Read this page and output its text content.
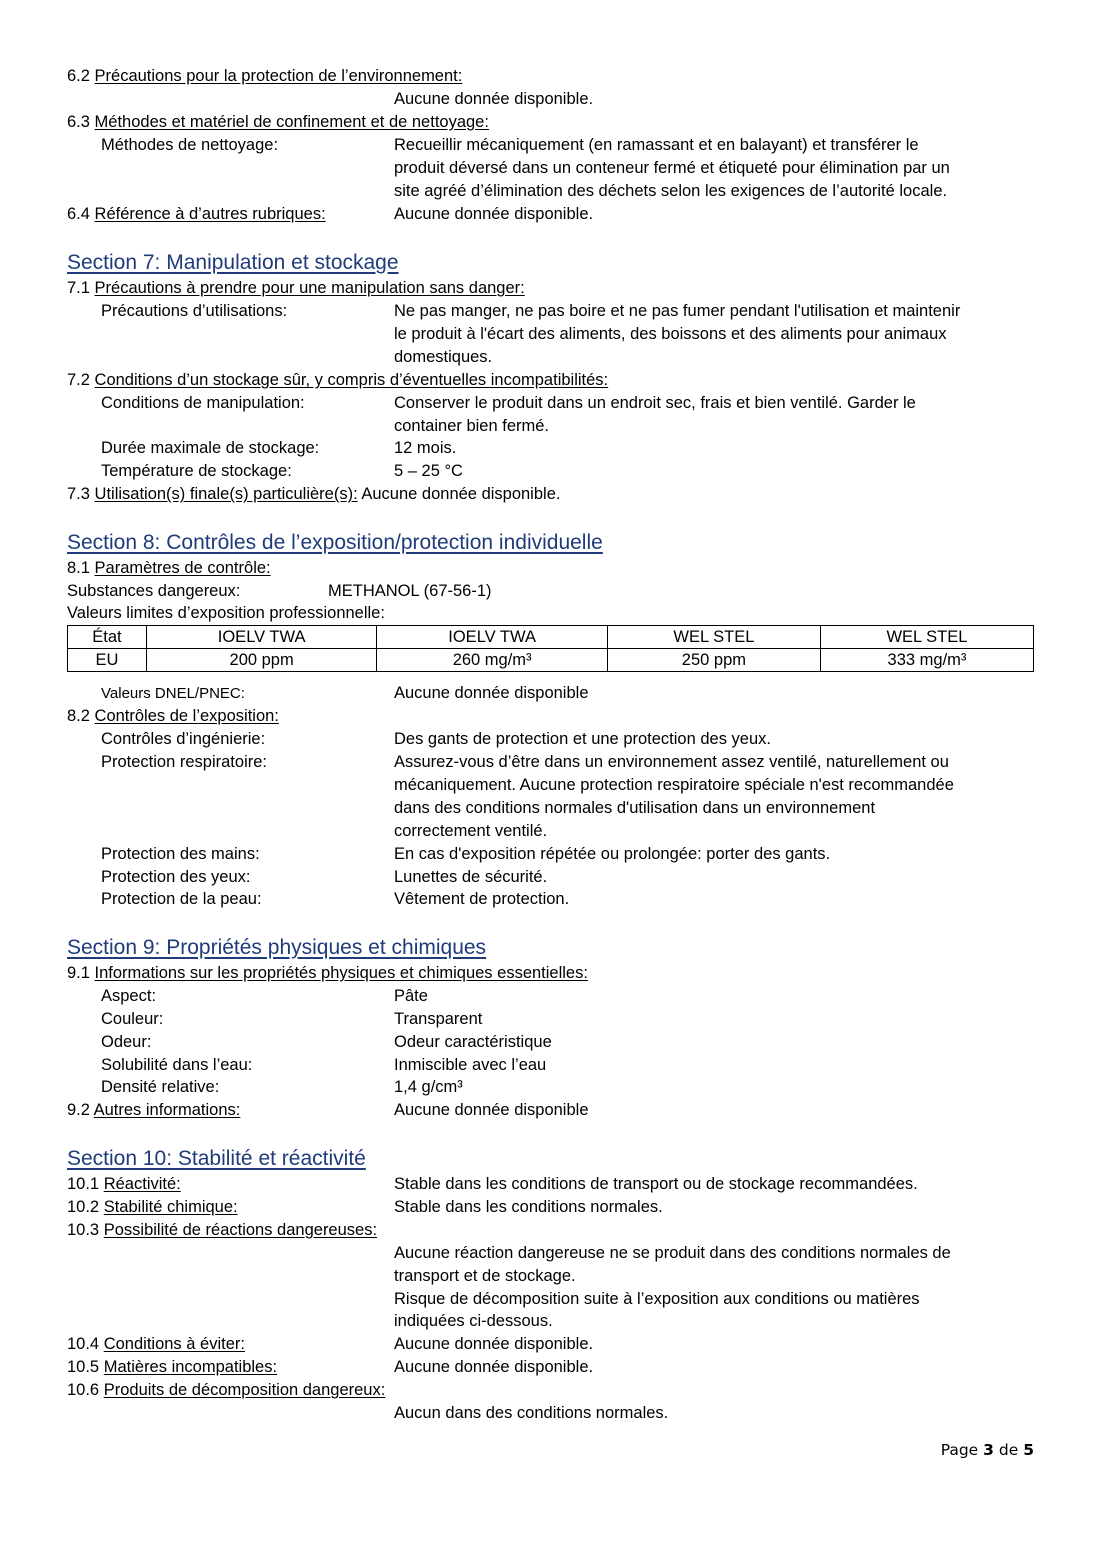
6.2 Précautions pour la protection de l’environnement:
Aucune donnée disponible.
6.3 Méthodes et matériel de confinement et de nettoyage:
Méthodes de nettoyage:	Recueillir mécaniquement (en ramassant et en balayant) et transférer le
produit déversé dans un conteneur fermé et étiqueté pour élimination par un
site agréé d’élimination des déchets selon les exigences de l’autorité locale.
6.4 Référence à d’autres rubriques:	Aucune donnée disponible.
Section 7: Manipulation et stockage
7.1 Précautions à prendre pour une manipulation sans danger:
Précautions d’utilisations:	Ne pas manger, ne pas boire et ne pas fumer pendant l'utilisation et maintenir
le produit à l'écart des aliments, des boissons et des aliments pour animaux
domestiques.
7.2 Conditions d’un stockage sûr, y compris d’éventuelles incompatibilités:
Conditions de manipulation:	Conserver le produit dans un endroit sec, frais et bien ventilé. Garder le
container bien fermé.
Durée maximale de stockage:	12 mois.
Température de stockage:	5 – 25 °C
7.3 Utilisation(s) finale(s) particulière(s): Aucune donnée disponible.
Section 8: Contrôles de l’exposition/protection individuelle
8.1 Paramètres de contrôle:
Substances dangereux:	METHANOL (67-56-1)
Valeurs limites d’exposition professionnelle:
État	IOELV TWA	IOELV TWA	WEL STEL	WEL STEL
EU	200 ppm	260 mg/m³	250 ppm	333 mg/m³
Valeurs DNEL/PNEC:	Aucune donnée disponible
8.2 Contrôles de l’exposition:
Contrôles d’ingénierie:	Des gants de protection et une protection des yeux.
Protection respiratoire:	Assurez-vous d’être dans un environnement assez ventilé, naturellement ou
mécaniquement. Aucune protection respiratoire spéciale n'est recommandée
dans des conditions normales d'utilisation dans un environnement
correctement ventilé.
Protection des mains:	En cas d'exposition répétée ou prolongée: porter des gants.
Protection des yeux:	Lunettes de sécurité.
Protection de la peau:	Vêtement de protection.
Section 9: Propriétés physiques et chimiques
9.1 Informations sur les propriétés physiques et chimiques essentielles:
Aspect:	Pâte
Couleur:	Transparent
Odeur:	Odeur caractéristique
Solubilité dans l’eau:	Inmiscible avec l’eau
Densité relative:	1,4 g/cm³
9.2 Autres informations:	Aucune donnée disponible
Section 10: Stabilité et réactivité
10.1 Réactivité:	Stable dans les conditions de transport ou de stockage recommandées.
10.2 Stabilité chimique:	Stable dans les conditions normales.
10.3 Possibilité de réactions dangereuses:
Aucune réaction dangereuse ne se produit dans des conditions normales de
transport et de stockage.
Risque de décomposition suite à l’exposition aux conditions ou matières
indiquées ci-dessous.
10.4 Conditions à éviter:	Aucune donnée disponible.
10.5 Matières incompatibles:	Aucune donnée disponible.
10.6 Produits de décomposition dangereux:
Aucun dans des conditions normales.
Page 3 de 5
